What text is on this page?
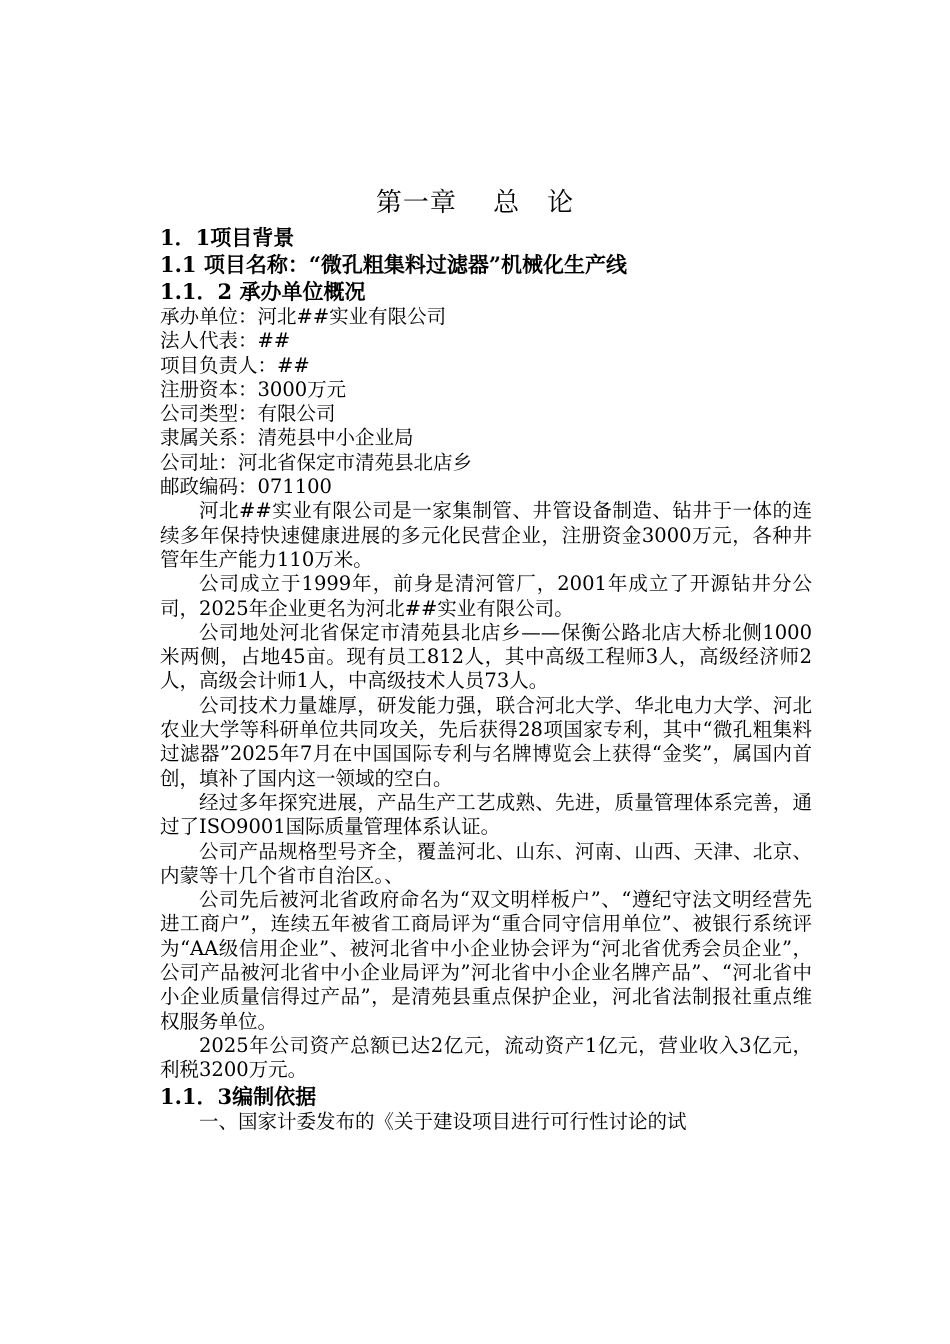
第一章　 总　论
1．1项目背景
1.1 项目名称：“微孔粗集料过滤器”机械化生产线
1.1．2 承办单位概况
承办单位：河北##实业有限公司
法人代表：##
项目负责人：##
注册资本：3000万元
公司类型：有限公司
隶属关系：清苑县中小企业局
公司址：河北省保定市清苑县北店乡
邮政编码：071100
河北##实业有限公司是一家集制管、井管设备制造、钻井于一体的连续多年保持快速健康进展的多元化民营企业，注册资金3000万元，各种井管年生产能力110万米。
公司成立于1999年，前身是清河管厂，2001年成立了开源钻井分公司，2025年企业更名为河北##实业有限公司。
公司地处河北省保定市清苑县北店乡——保衡公路北店大桥北侧1000米两侧，占地45亩。现有员工812人，其中高级工程师3人，高级经济师2人，高级会计师1人，中高级技术人员73人。
公司技术力量雄厚，研发能力强，联合河北大学、华北电力大学、河北农业大学等科研单位共同攻关，先后获得28项国家专利，其中“微孔粗集料过滤器”2025年7月在中国国际专利与名牌博览会上获得“金奖”，属国内首创，填补了国内这一领域的空白。
经过多年探究进展，产品生产工艺成熟、先进，质量管理体系完善，通过了ISO9001国际质量管理体系认证。
公司产品规格型号齐全，覆盖河北、山东、河南、山西、天津、北京、内蒙等十几个省市自治区。、
公司先后被河北省政府命名为“双文明样板户”、“遵纪守法文明经营先进工商户”，连续五年被省工商局评为“重合同守信用单位”、被银行系统评为“AA级信用企业”、被河北省中小企业协会评为“河北省优秀会员企业”，公司产品被河北省中小企业局评为”河北省中小企业名牌产品”、“河北省中小企业质量信得过产品”，是清苑县重点保护企业，河北省法制报社重点维权服务单位。
2025年公司资产总额已达2亿元，流动资产1亿元，营业收入3亿元，利税3200万元。
1.1．3编制依据
一、国家计委发布的《关于建设项目进行可行性讨论的试
